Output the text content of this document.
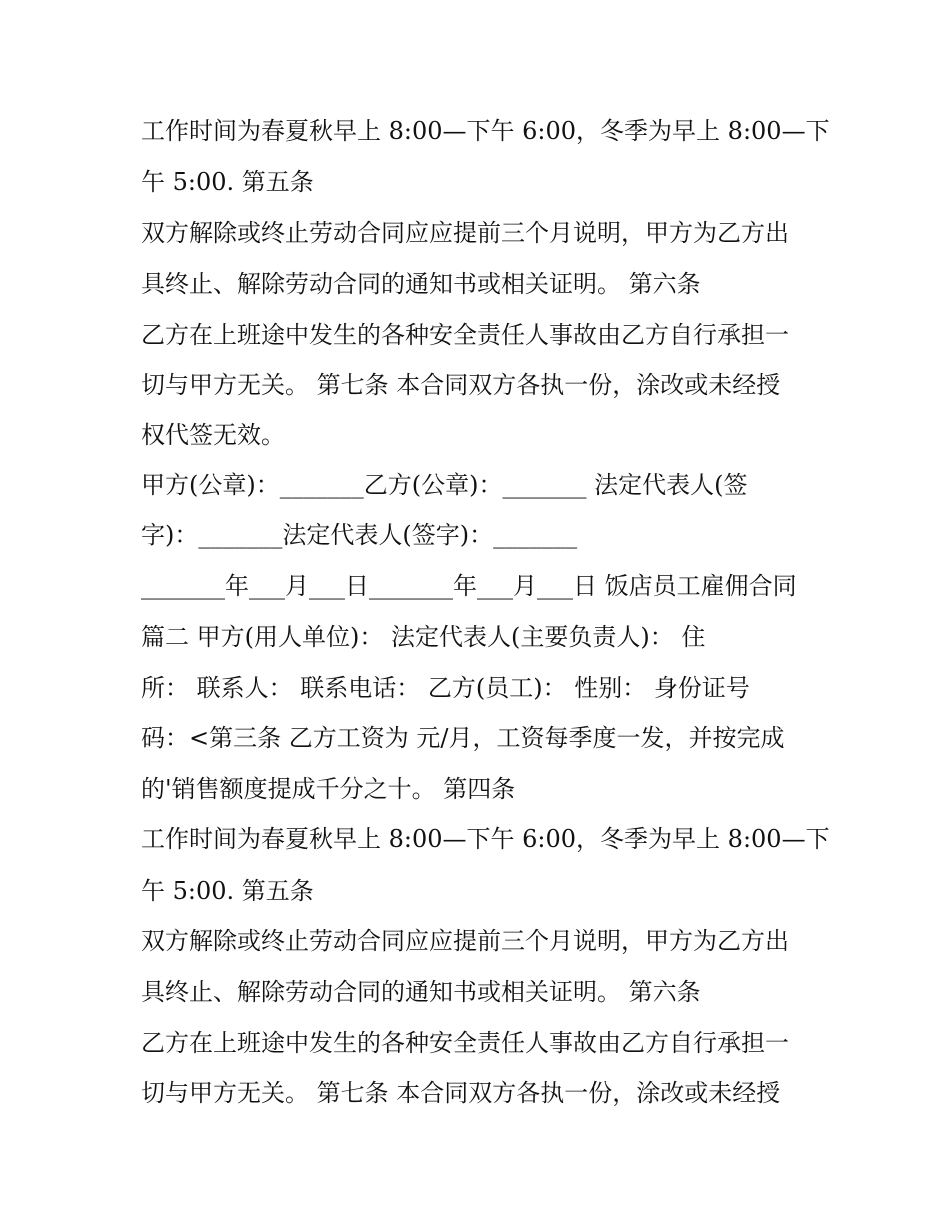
工作时间为春夏秋早上 8:00—下午 6:00，冬季为早上 8:00—下
午 5:00. 第五条
双方解除或终止劳动合同应应提前三个月说明，甲方为乙方出
具终止、解除劳动合同的通知书或相关证明。 第六条
乙方在上班途中发生的各种安全责任人事故由乙方自行承担一
切与甲方无关。 第七条 本合同双方各执一份，涂改或未经授
权代签无效。
甲方(公章)：_______乙方(公章)：_______ 法定代表人(签
字)：_______法定代表人(签字)：_______
_______年___月___日_______年___月___日 饭店员工雇佣合同
篇二 甲方(用人单位)： 法定代表人(主要负责人)： 住
所： 联系人： 联系电话： 乙方(员工)： 性别： 身份证号
码：<第三条 乙方工资为 元/月，工资每季度一发，并按完成
的'销售额度提成千分之十。 第四条
工作时间为春夏秋早上 8:00—下午 6:00，冬季为早上 8:00—下
午 5:00. 第五条
双方解除或终止劳动合同应应提前三个月说明，甲方为乙方出
具终止、解除劳动合同的通知书或相关证明。 第六条
乙方在上班途中发生的各种安全责任人事故由乙方自行承担一
切与甲方无关。 第七条 本合同双方各执一份，涂改或未经授
